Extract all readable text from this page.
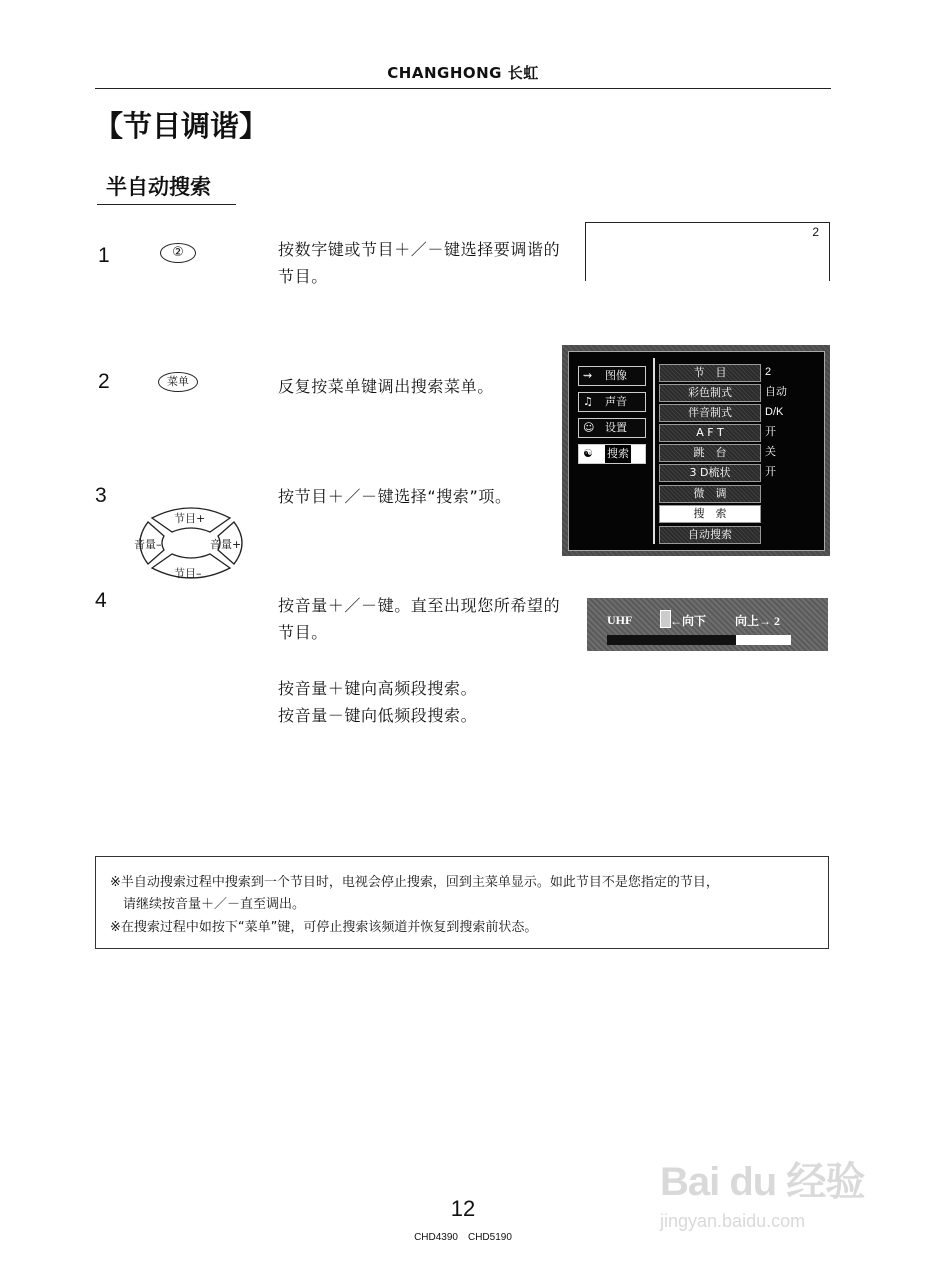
CHANGHONG 长虹
【节目调谐】
半自动搜索
1	②	按数字键或节目＋／－键选择要调谐的节目。
2
2	菜单	反复按菜单键调出搜索菜单。
⇝ 图像
♫ 声音
☺ 设置
☯ 搜索
节　目	2
彩色制式	自动
伴音制式	D/K
A F T	开
跳　台	关
3 D梳状	开
微　调
搜　索
自动搜索
3	按节目＋／－键选择“搜索”项。
节目+
节目–
音量–	音量+
4	按音量＋／－键。直至出现您所希望的节目。
按音量＋键向高频段搜索。
按音量－键向低频段搜索。
UHF	←向下 向上→ 2
※半自动搜索过程中搜索到一个节目时，电视会停止搜索，回到主菜单显示。如此节目不是您指定的节目，
　请继续按音量＋／－直至调出。
※在搜索过程中如按下“菜单”键，可停止搜索该频道并恢复到搜索前状态。
12
CHD4390　CHD5190
Bai du 经验
jingyan.baidu.com
